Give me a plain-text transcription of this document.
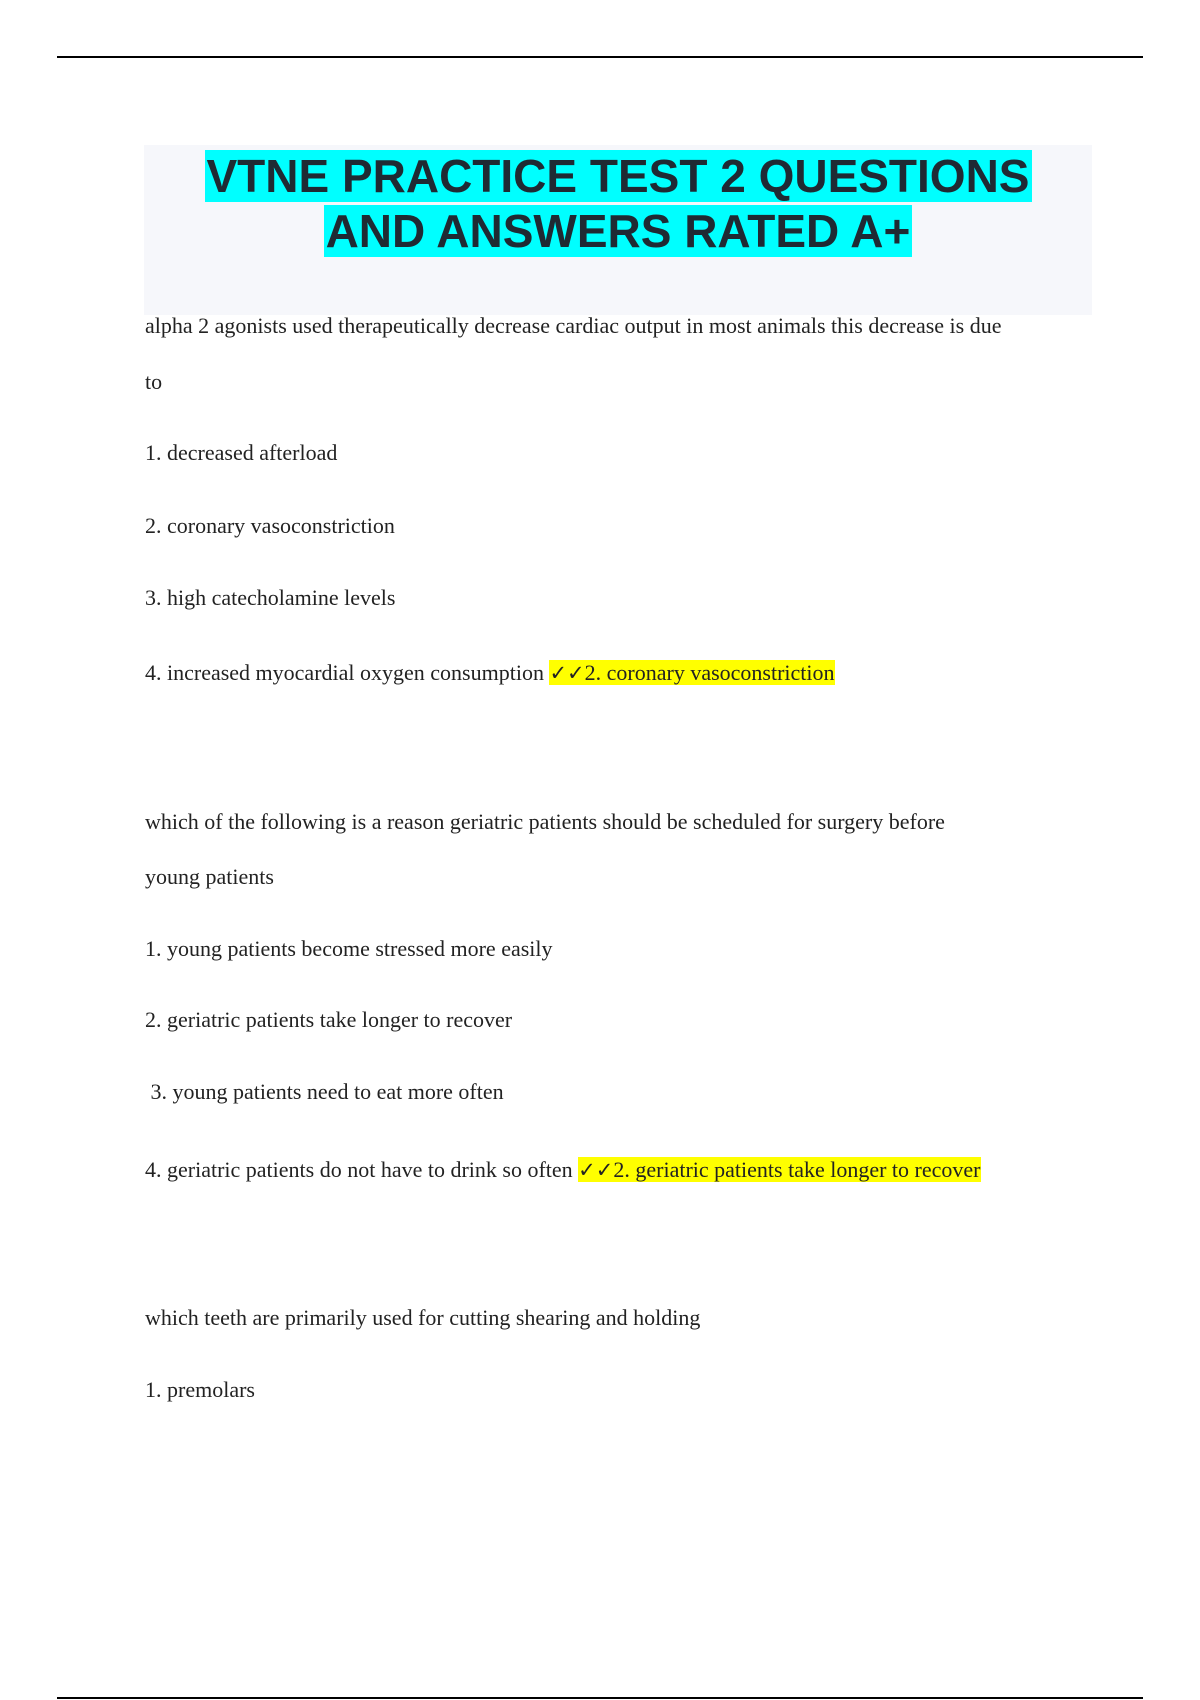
VTNE PRACTICE TEST 2 QUESTIONS
AND ANSWERS RATED A+
alpha 2 agonists used therapeutically decrease cardiac output in most animals this decrease is due
to
1. decreased afterload
2. coronary vasoconstriction
3. high catecholamine levels
4. increased myocardial oxygen consumption ✓✓2. coronary vasoconstriction
which of the following is a reason geriatric patients should be scheduled for surgery before
young patients
1. young patients become stressed more easily
2. geriatric patients take longer to recover
3. young patients need to eat more often
4. geriatric patients do not have to drink so often ✓✓2. geriatric patients take longer to recover
which teeth are primarily used for cutting shearing and holding
1. premolars
